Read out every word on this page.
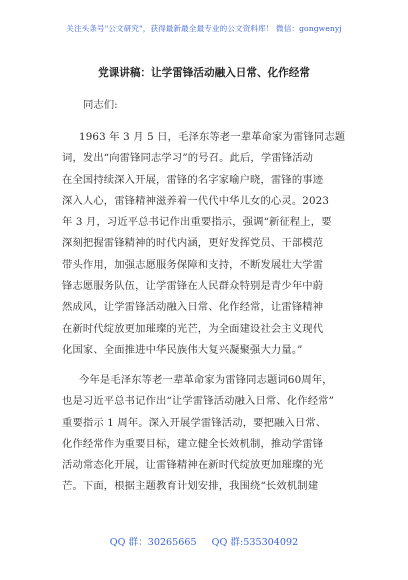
关注头条号"公文研究"，获得最新最全最专业的公文资料库！ 微信：gongwenyj
党课讲稿：让学雷锋活动融入日常、化作经常
同志们:
1963 年 3 月 5 日，毛泽东等老一辈革命家为雷锋同志题
词，发出“向雷锋同志学习”的号召。此后，学雷锋活动
在全国持续深入开展，雷锋的名字家喻户晓，雷锋的事迹
深入人心，雷锋精神滋养着一代代中华儿女的心灵。2023
年 3 月，习近平总书记作出重要指示，强调“新征程上，要
深刻把握雷锋精神的时代内涵，更好发挥党员、干部模范
带头作用，加强志愿服务保障和支持，不断发展壮大学雷
锋志愿服务队伍，让学雷锋在人民群众特别是青少年中蔚
然成风，让学雷锋活动融入日常、化作经常，让雷锋精神
在新时代绽放更加璀璨的光芒，为全面建设社会主义现代
化国家、全面推进中华民族伟大复兴凝聚强大力量。”
今年是毛泽东等老一辈革命家为雷锋同志题词60周年，
也是习近平总书记作出“让学雷锋活动融入日常、化作经常”
重要指示 1 周年。深入开展学雷锋活动，要把融入日常、
化作经常作为重要目标，建立健全长效机制，推动学雷锋
活动常态化开展，让雷锋精神在新时代绽放更加璀璨的光
芒。下面，根据主题教育计划安排，我围绕“长效机制建
QQ 群：30265665 QQ 群:535304092
